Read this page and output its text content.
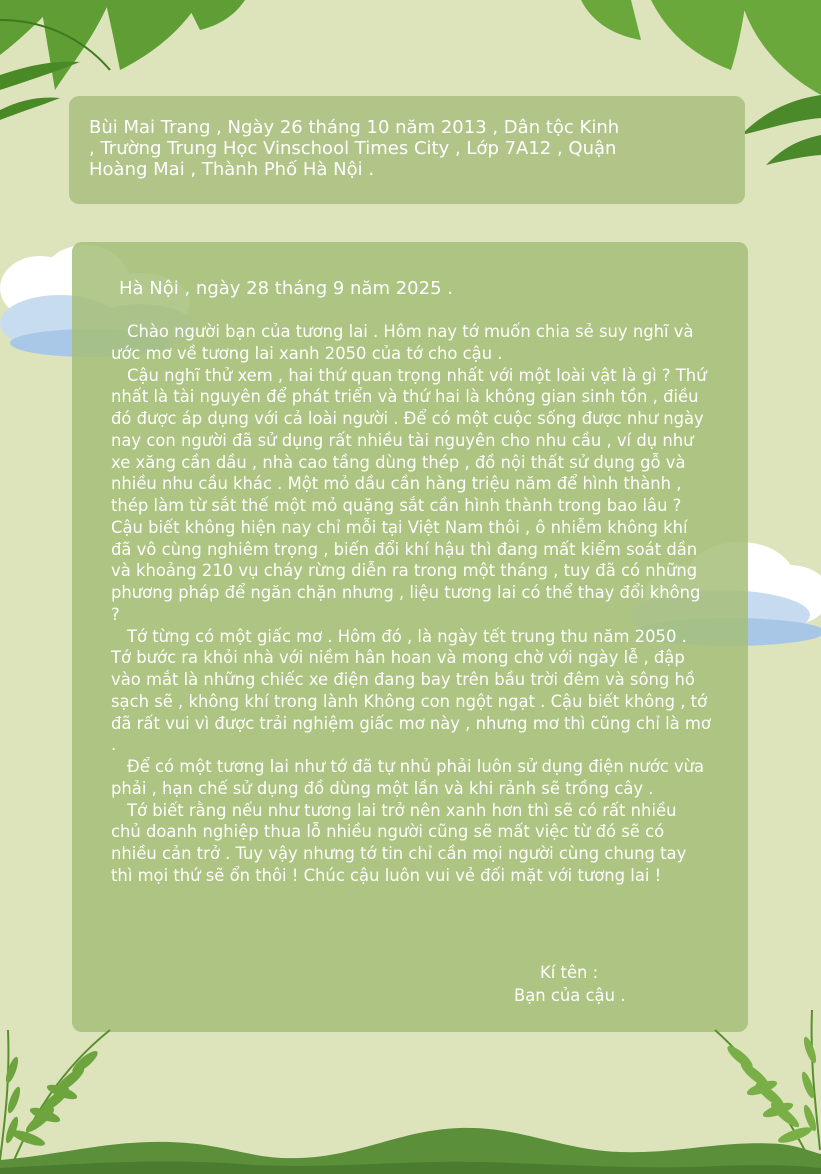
Bùi Mai Trang , Ngày 26 tháng 10 năm 2013 , Dân tộc Kinh , Trường Trung Học Vinschool Times City , Lớp 7A12 , Quận Hoàng Mai , Thành Phố Hà Nội .

Hà Nội , ngày 28 tháng 9 năm 2025 .

Chào người bạn của tương lai . Hôm nay tớ muốn chia sẻ suy nghĩ và ước mơ về tương lai xanh 2050 của tớ cho cậu .

Cậu nghĩ thử xem , hai thứ quan trọng nhất với một loài vật là gì ? Thứ nhất là tài nguyên để phát triển và thứ hai là không gian sinh tồn , điều đó được áp dụng với cả loài người . Để có một cuộc sống được như ngày nay con người đã sử dụng rất nhiều tài nguyên cho nhu cầu , ví dụ như xe xăng cần dầu , nhà cao tầng dùng thép , đồ nội thất sử dụng gỗ và nhiều nhu cầu khác . Một mỏ dầu cần hàng triệu năm để hình thành , thép làm từ sắt thế một mỏ quặng sắt cần hình thành trong bao lâu ? Cậu biết không hiện nay chỉ mỗi tại Việt Nam thôi , ô nhiễm không khí đã vô cùng nghiêm trọng , biến đổi khí hậu thì đang mất kiểm soát dần và khoảng 210 vụ cháy rừng diễn ra trong một tháng , tuy đã có những phương pháp để ngăn chặn nhưng , liệu tương lai có thể thay đổi không ?

Tớ từng có một giấc mơ . Hôm đó , là ngày tết trung thu năm 2050 . Tớ bước ra khỏi nhà với niềm hân hoan và mong chờ với ngày lễ , đập vào mắt là những chiếc xe điện đang bay trên bầu trời đêm và sông hồ sạch sẽ , không khí trong lành Không con ngột ngạt . Cậu biết không , tớ đã rất vui vì được trải nghiệm giấc mơ này , nhưng mơ thì cũng chỉ là mơ .

Để có một tương lai như tớ đã tự nhủ phải luôn sử dụng điện nước vừa phải , hạn chế sử dụng đồ dùng một lần và khi rảnh sẽ trồng cây .

Tớ biết rằng nếu như tương lai trở nên xanh hơn thì sẽ có rất nhiều chủ doanh nghiệp thua lỗ nhiều người cũng sẽ mất việc từ đó sẽ có nhiều cản trở . Tuy vậy nhưng tớ tin chỉ cần mọi người cùng chung tay thì mọi thứ sẽ ổn thôi ! Chúc cậu luôn vui vẻ đối mặt với tương lai !

Kí tên :

Bạn của cậu .
